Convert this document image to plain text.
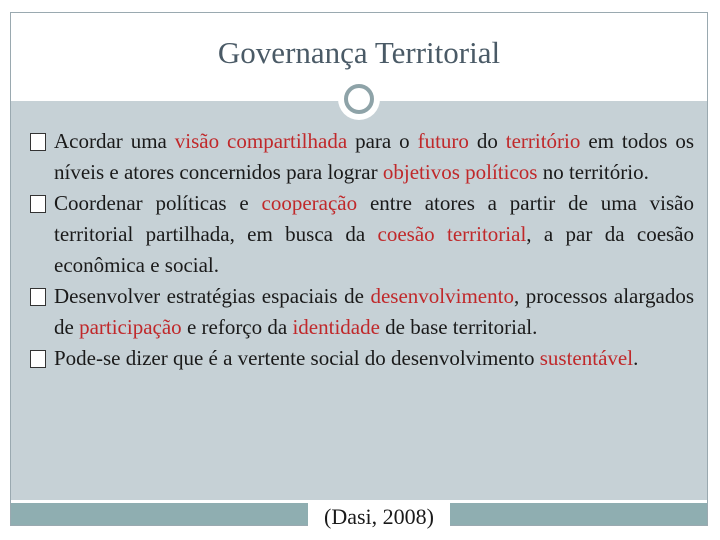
Governança Territorial
Acordar uma visão compartilhada para o futuro do território em todos os níveis e atores concernidos para lograr objetivos políticos no território.
Coordenar políticas e cooperação entre atores a partir de uma visão territorial partilhada, em busca da coesão territorial, a par da coesão econômica e social.
Desenvolver estratégias espaciais de desenvolvimento, processos alargados de participação e reforço da identidade de base territorial.
Pode-se dizer que é a vertente social do desenvolvimento sustentável.
(Dasi, 2008)
